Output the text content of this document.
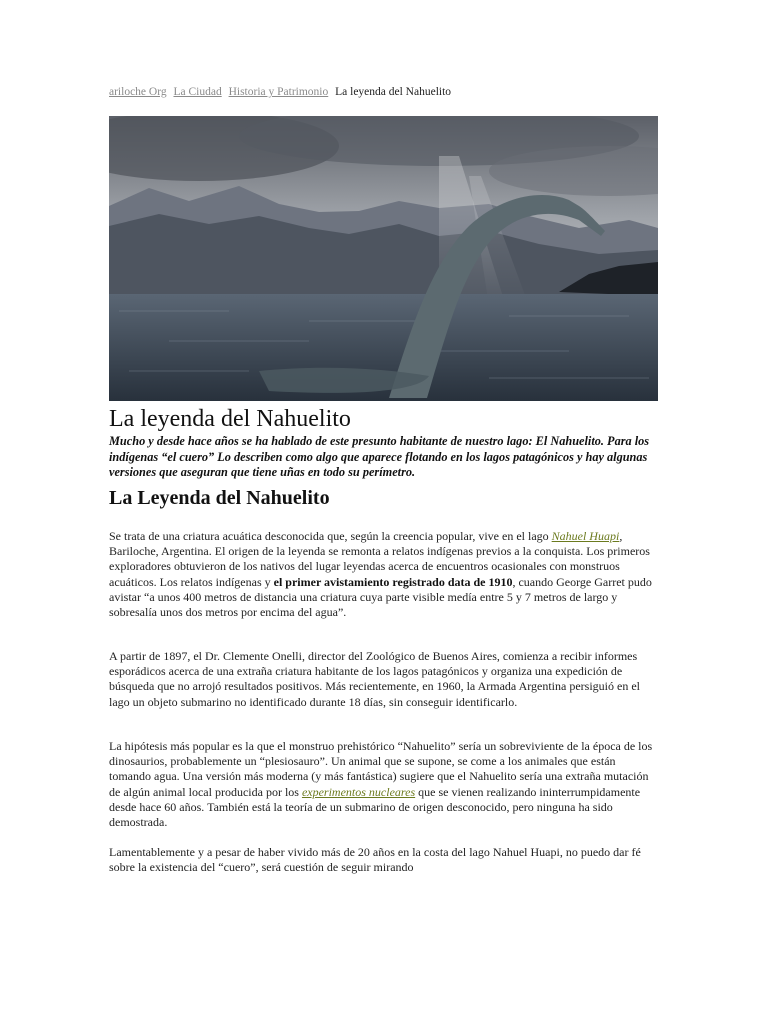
ariloche Org La Ciudad Historia y Patrimonio La leyenda del Nahuelito
La leyenda del Nahuelito

Mucho y desde hace años se ha hablado de este presunto habitante de nuestro lago: El Nahuelito. Para los indígenas “el cuero” Lo describen como algo que aparece flotando en los lagos patagónicos y hay algunas versiones que aseguran que tiene uñas en todo su perímetro.

La Leyenda del Nahuelito

Se trata de una criatura acuática desconocida que, según la creencia popular, vive en el lago Nahuel Huapi, Bariloche, Argentina. El origen de la leyenda se remonta a relatos indígenas previos a la conquista. Los primeros exploradores obtuvieron de los nativos del lugar leyendas acerca de encuentros ocasionales con monstruos acuáticos. Los relatos indígenas y el primer avistamiento registrado data de 1910, cuando George Garret pudo avistar “a unos 400 metros de distancia una criatura cuya parte visible medía entre 5 y 7 metros de largo y sobresalía unos dos metros por encima del agua”.

A partir de 1897, el Dr. Clemente Onelli, director del Zoológico de Buenos Aires, comienza a recibir informes esporádicos acerca de una extraña criatura habitante de los lagos patagónicos y organiza una expedición de búsqueda que no arrojó resultados positivos. Más recientemente, en 1960, la Armada Argentina persiguió en el lago un objeto submarino no identificado durante 18 días, sin conseguir identificarlo.

La hipótesis más popular es la que el monstruo prehistórico “Nahuelito” sería un sobreviviente de la época de los dinosaurios, probablemente un “plesiosauro”. Un animal que se supone, se come a los animales que están tomando agua. Una versión más moderna (y más fantástica) sugiere que el Nahuelito sería una extraña mutación de algún animal local producida por los experimentos nucleares que se vienen realizando ininterrumpidamente desde hace 60 años. También está la teoría de un submarino de origen desconocido, pero ninguna ha sido demostrada.

Lamentablemente y a pesar de haber vivido más de 20 años en la costa del lago Nahuel Huapi, no puedo dar fé sobre la existencia del “cuero”, será cuestión de seguir mirando
